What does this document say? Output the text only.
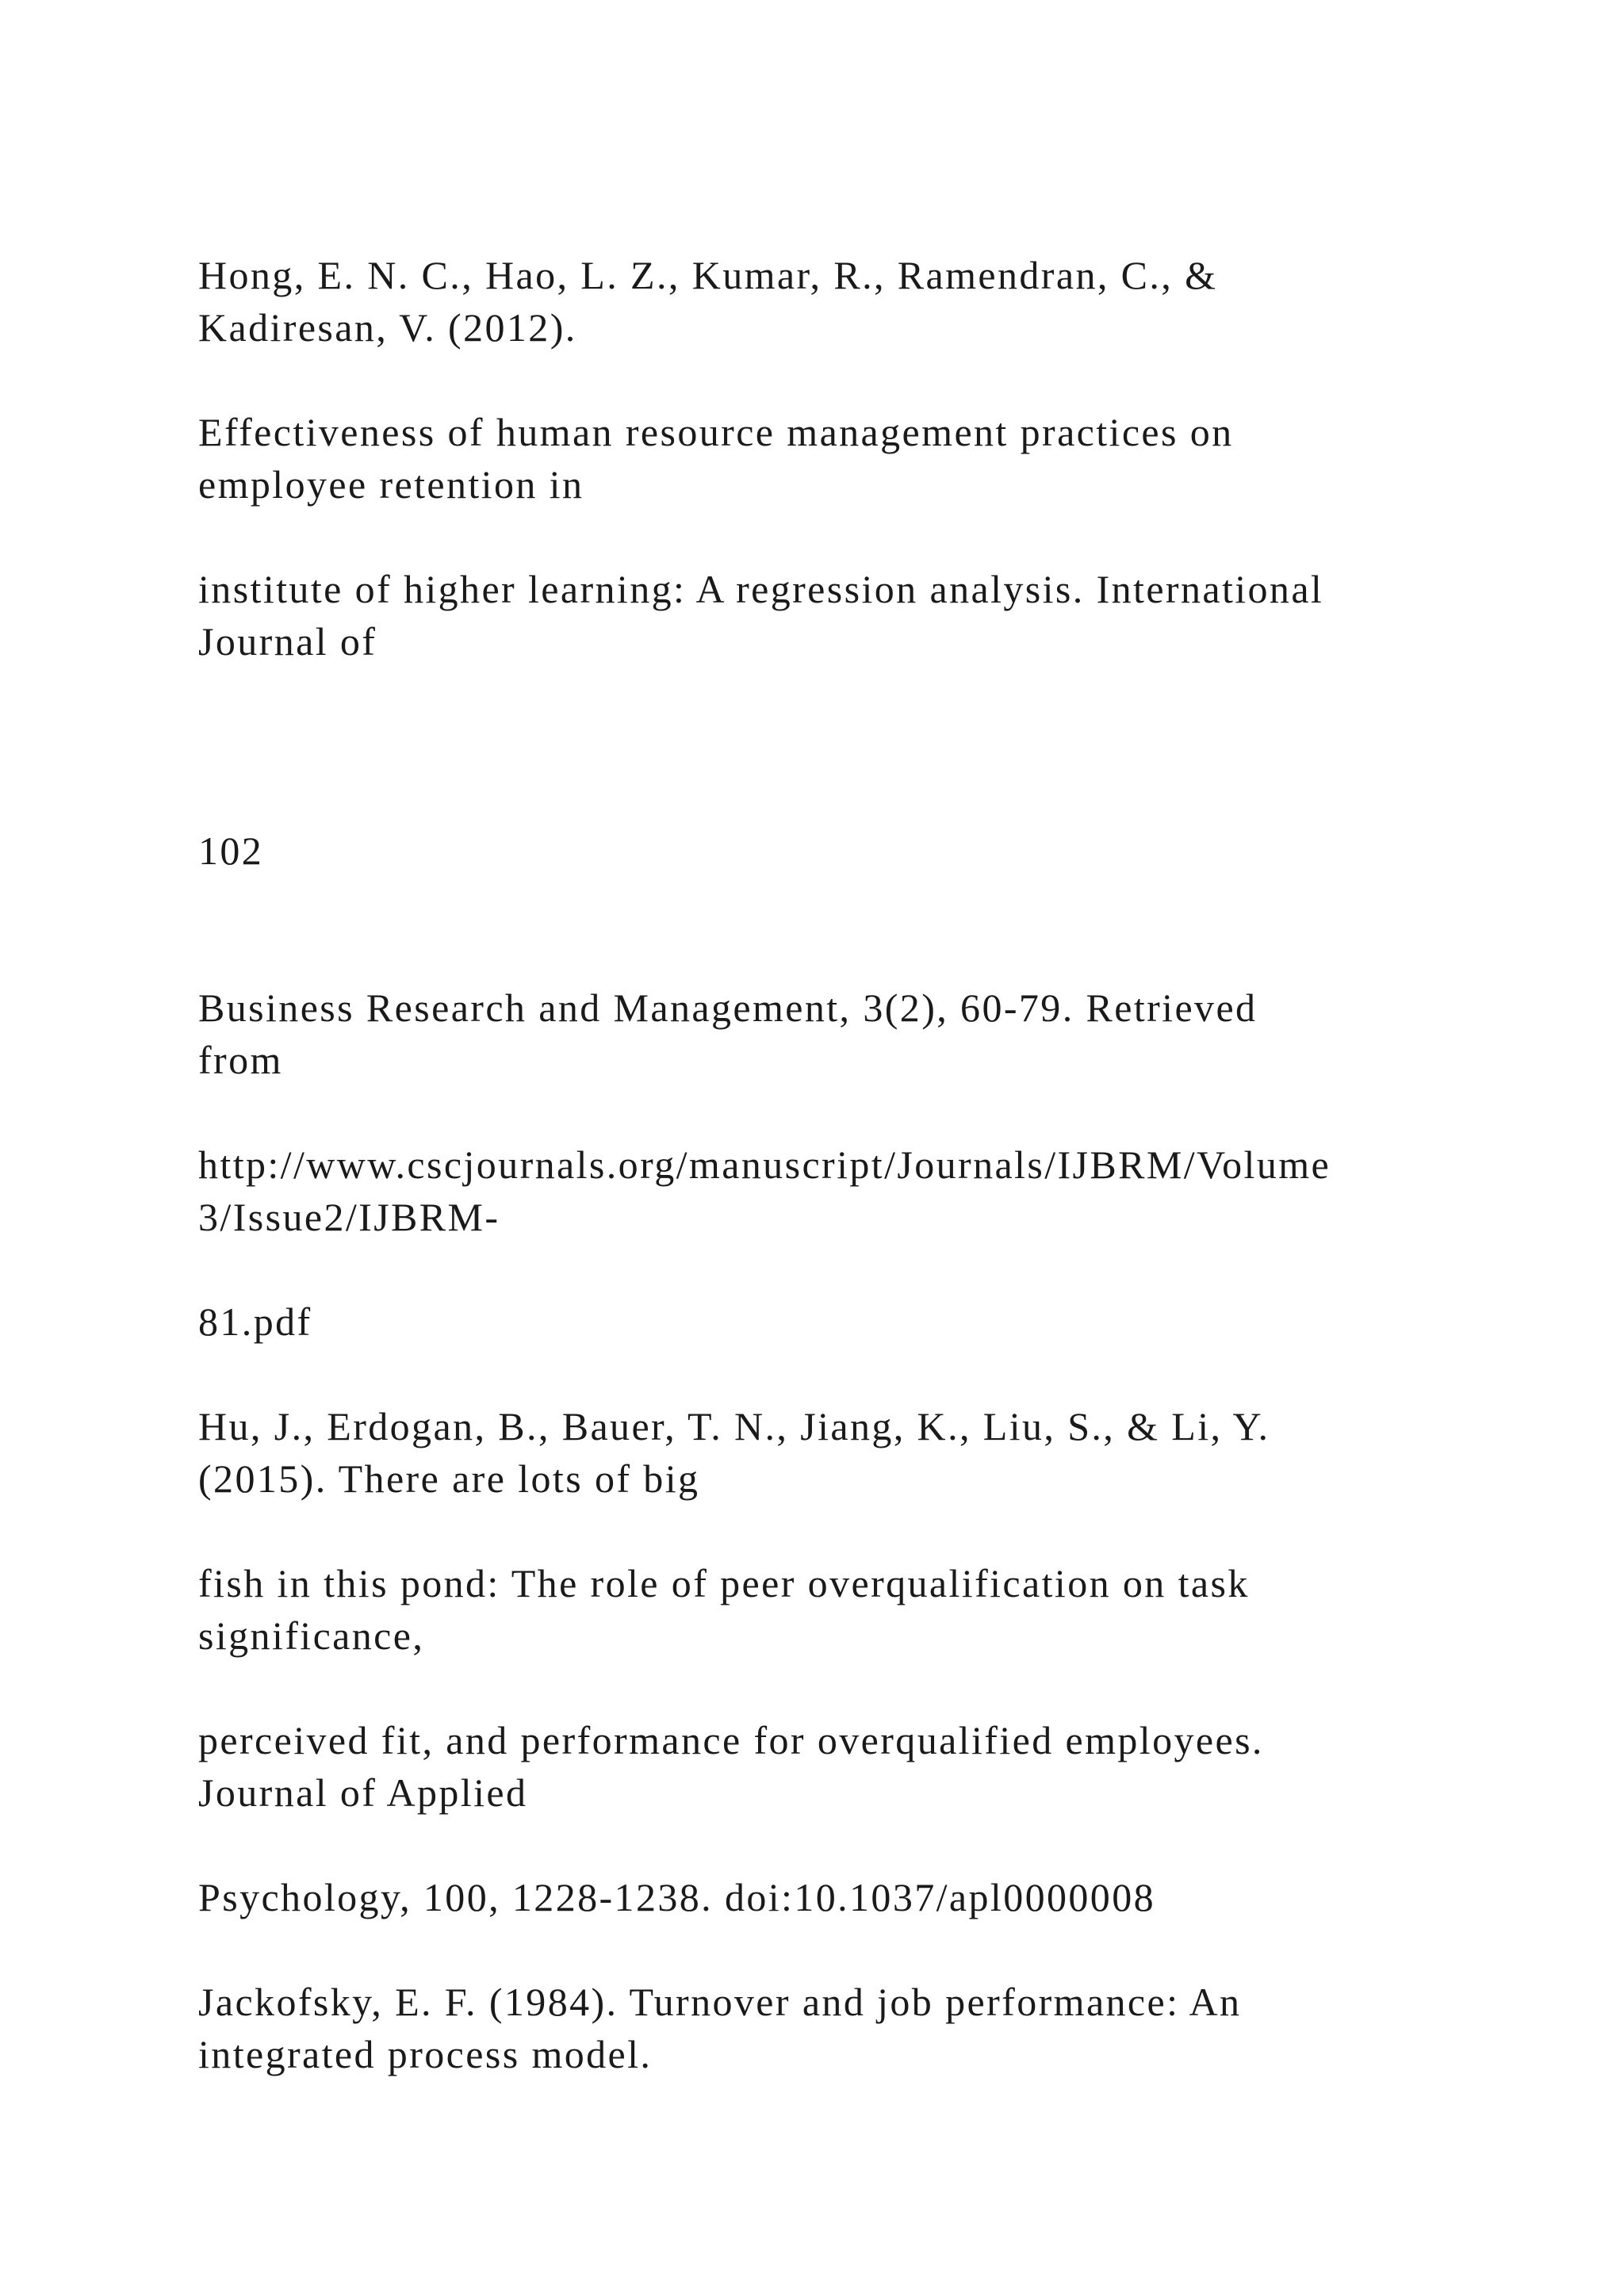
Hong, E. N. C., Hao, L. Z., Kumar, R., Ramendran, C., &

Kadiresan, V. (2012).

Effectiveness of human resource management practices on

employee retention in

institute of higher learning: A regression analysis. International

Journal of

102

Business Research and Management, 3(2), 60-79. Retrieved

from

http://www.cscjournals.org/manuscript/Journals/IJBRM/Volume

3/Issue2/IJBRM-

81.pdf

Hu, J., Erdogan, B., Bauer, T. N., Jiang, K., Liu, S., & Li, Y.

(2015). There are lots of big

fish in this pond: The role of peer overqualification on task

significance,

perceived fit, and performance for overqualified employees.

Journal of Applied

Psychology, 100, 1228-1238. doi:10.1037/apl0000008

Jackofsky, E. F. (1984). Turnover and job performance: An

integrated process model.
